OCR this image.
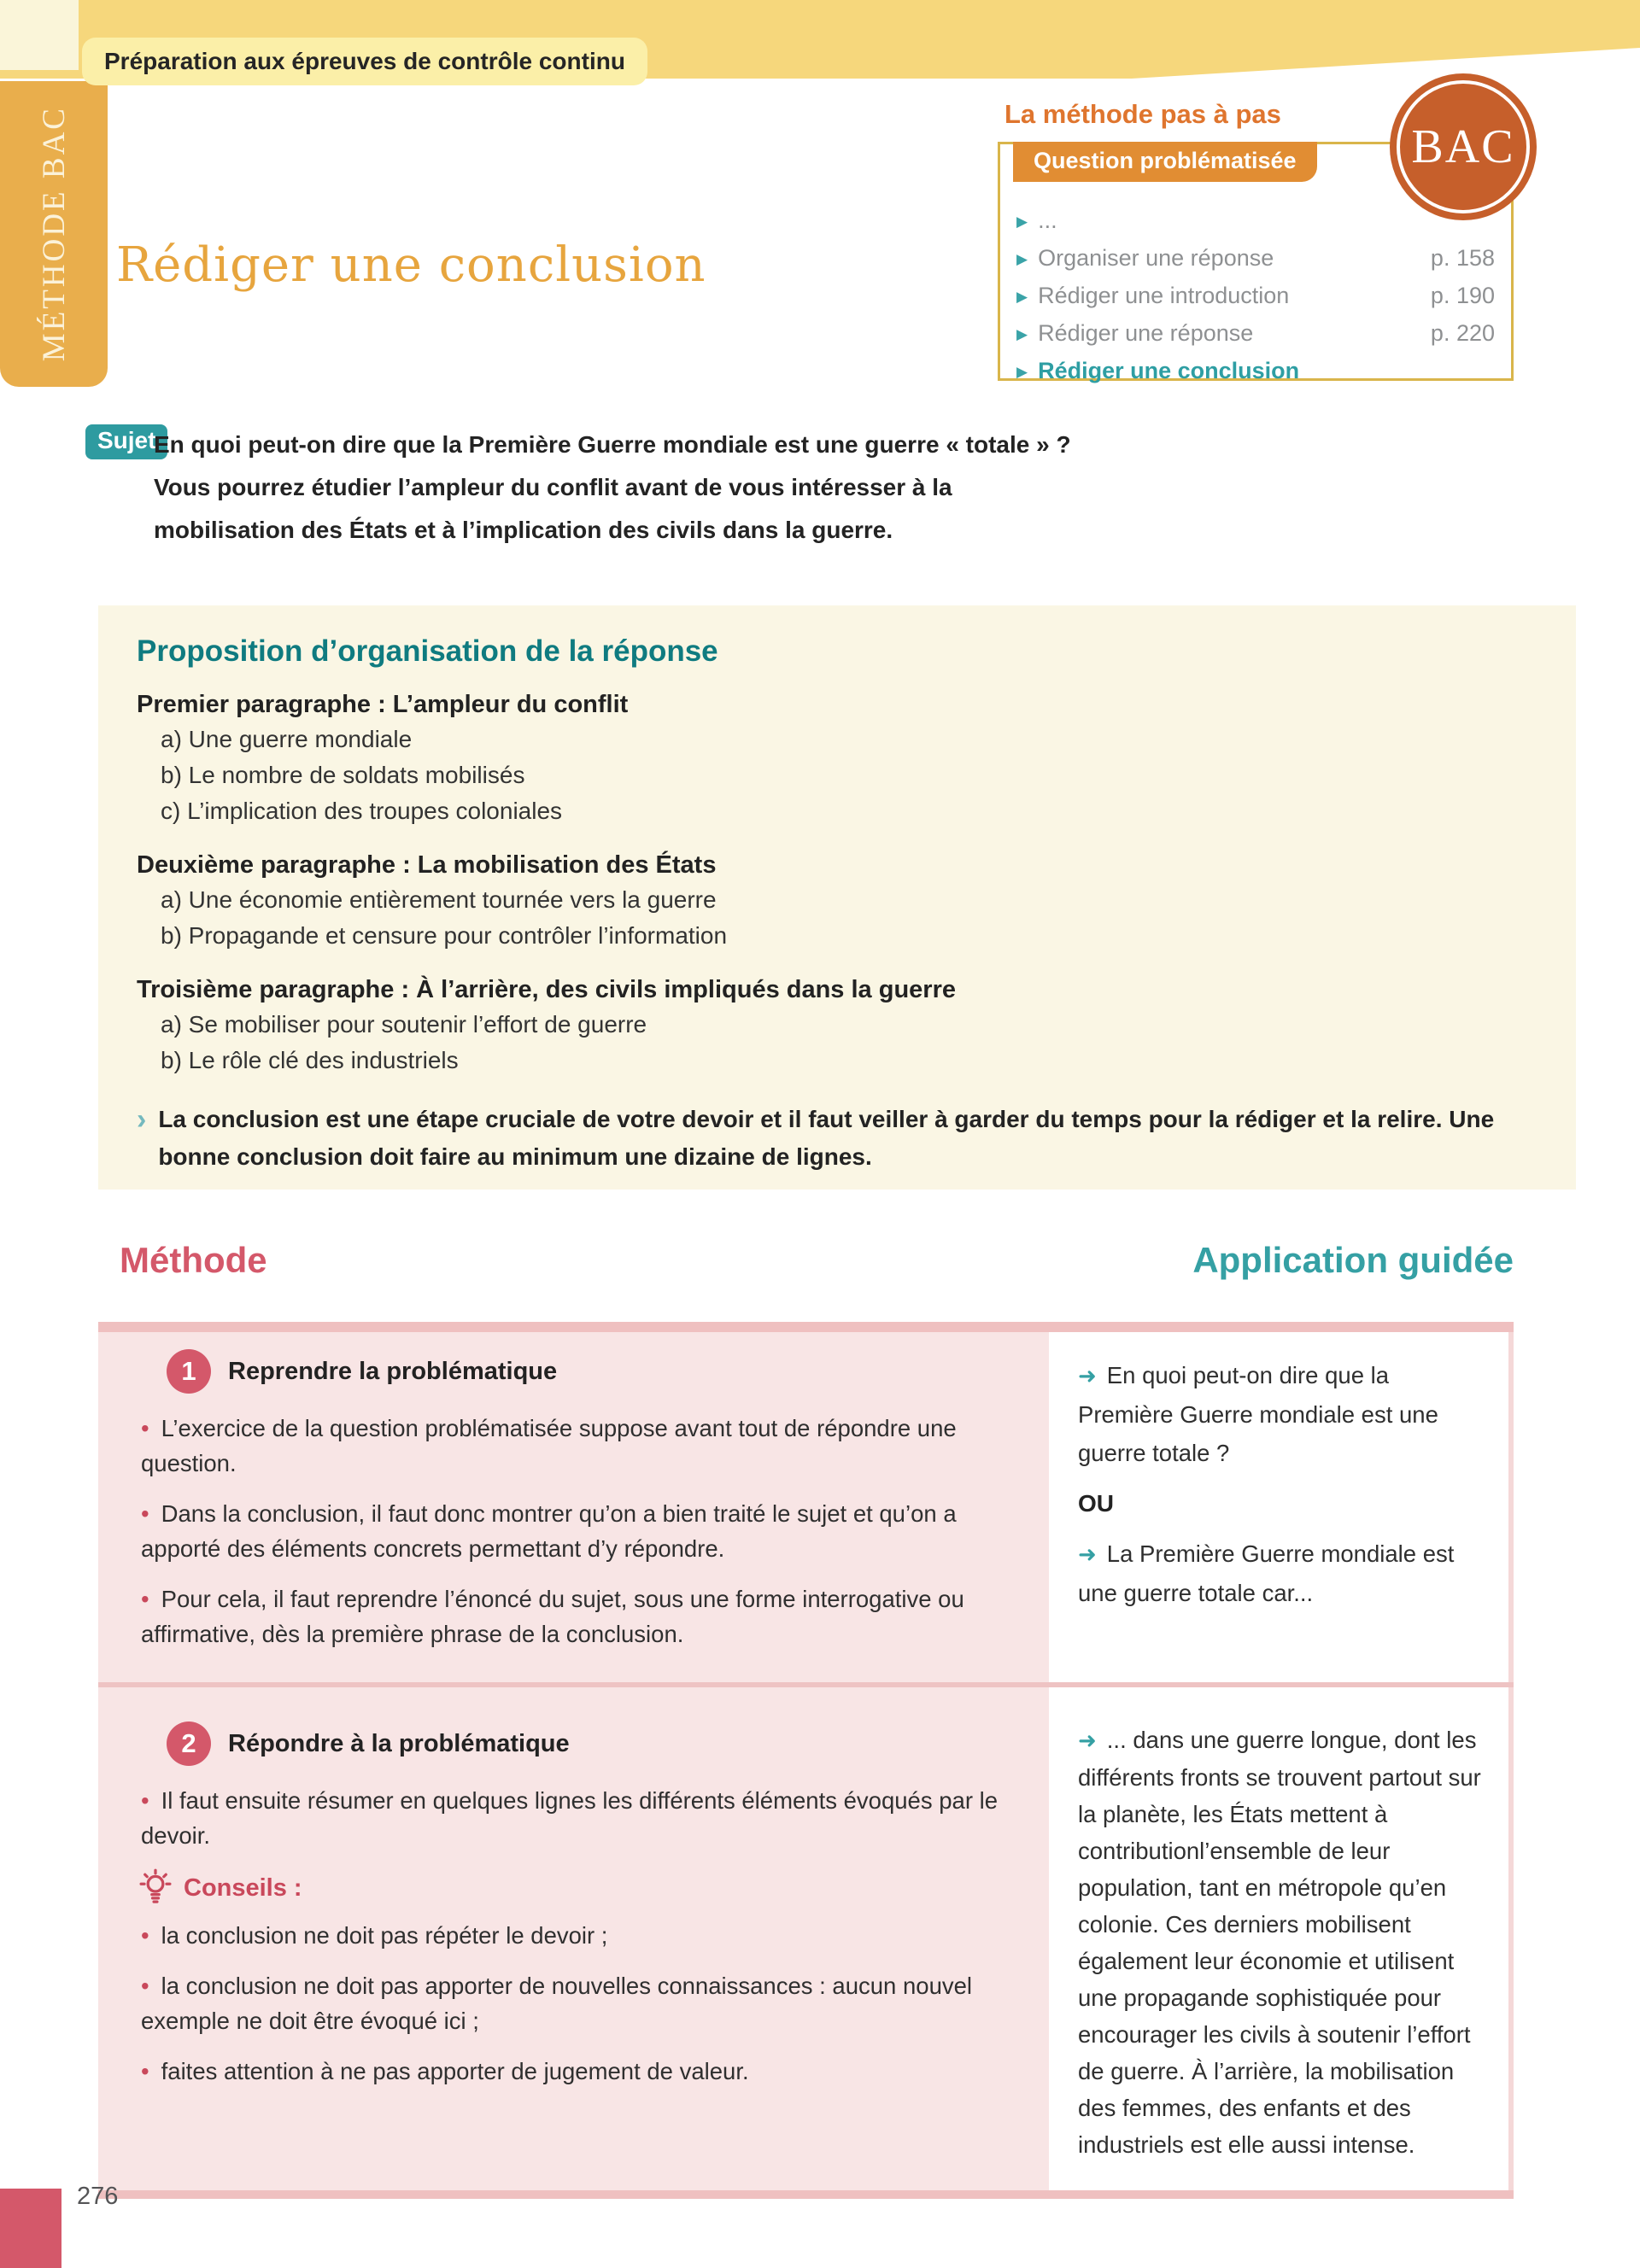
MÉTHODE BAC
Préparation aux épreuves de contrôle continu
Rédiger une conclusion
La méthode pas à pas
Question problématisée
▶
...
▶
Organiser une réponse	p. 158
▶
Rédiger une introduction	p. 190
▶
Rédiger une réponse	p. 220
▶
Rédiger une conclusion
BAC
Sujet
En quoi peut-on dire que la Première Guerre mondiale est une guerre « totale » ? Vous pourrez étudier l’ampleur du conflit avant de vous intéresser à la mobilisation des États et à l’implication des civils dans la guerre.
Proposition d’organisation de la réponse
Premier paragraphe : L’ampleur du conflit
a) Une guerre mondiale
b) Le nombre de soldats mobilisés
c) L’implication des troupes coloniales
Deuxième paragraphe : La mobilisation des États
a) Une économie entièrement tournée vers la guerre
b) Propagande et censure pour contrôler l’information
Troisième paragraphe : À l’arrière, des civils impliqués dans la guerre
a) Se mobiliser pour soutenir l’effort de guerre
b) Le rôle clé des industriels
›

La conclusion est une étape cruciale de votre devoir et il faut veiller à garder du temps pour la rédiger et la relire. Une bonne conclusion doit faire au minimum une dizaine de lignes.

Méthode	Application guidée
1	Reprendre la problématique

• L’exercice de la question problématisée suppose avant tout de répondre une question.

• Dans la conclusion, il faut donc montrer qu’on a bien traité le sujet et qu’on a apporté des éléments concrets permettant d’y répondre.

• Pour cela, il faut reprendre l’énoncé du sujet, sous une forme interrogative ou affirmative, dès la première phrase de la conclusion.

➜ En quoi peut-on dire que la Première Guerre mondiale est une guerre totale ?

OU

➜ La Première Guerre mondiale est une guerre totale car...

2	Répondre à la problématique

• Il faut ensuite résumer en quelques lignes les différents éléments évoqués par le devoir.

Conseils :

• la conclusion ne doit pas répéter le devoir ;

• la conclusion ne doit pas apporter de nouvelles connaissances : aucun nouvel exemple ne doit être évoqué ici ;

• faites attention à ne pas apporter de jugement de valeur.

➜ ... dans une guerre longue, dont les différents fronts se trouvent partout sur la planète, les États mettent à contributionl’ensemble de leur population, tant en métropole qu’en colonie. Ces derniers mobilisent également leur économie et utilisent une propagande sophistiquée pour encourager les civils à soutenir l’effort de guerre. À l’arrière, la mobilisation des femmes, des enfants et des industriels est elle aussi intense.

276
